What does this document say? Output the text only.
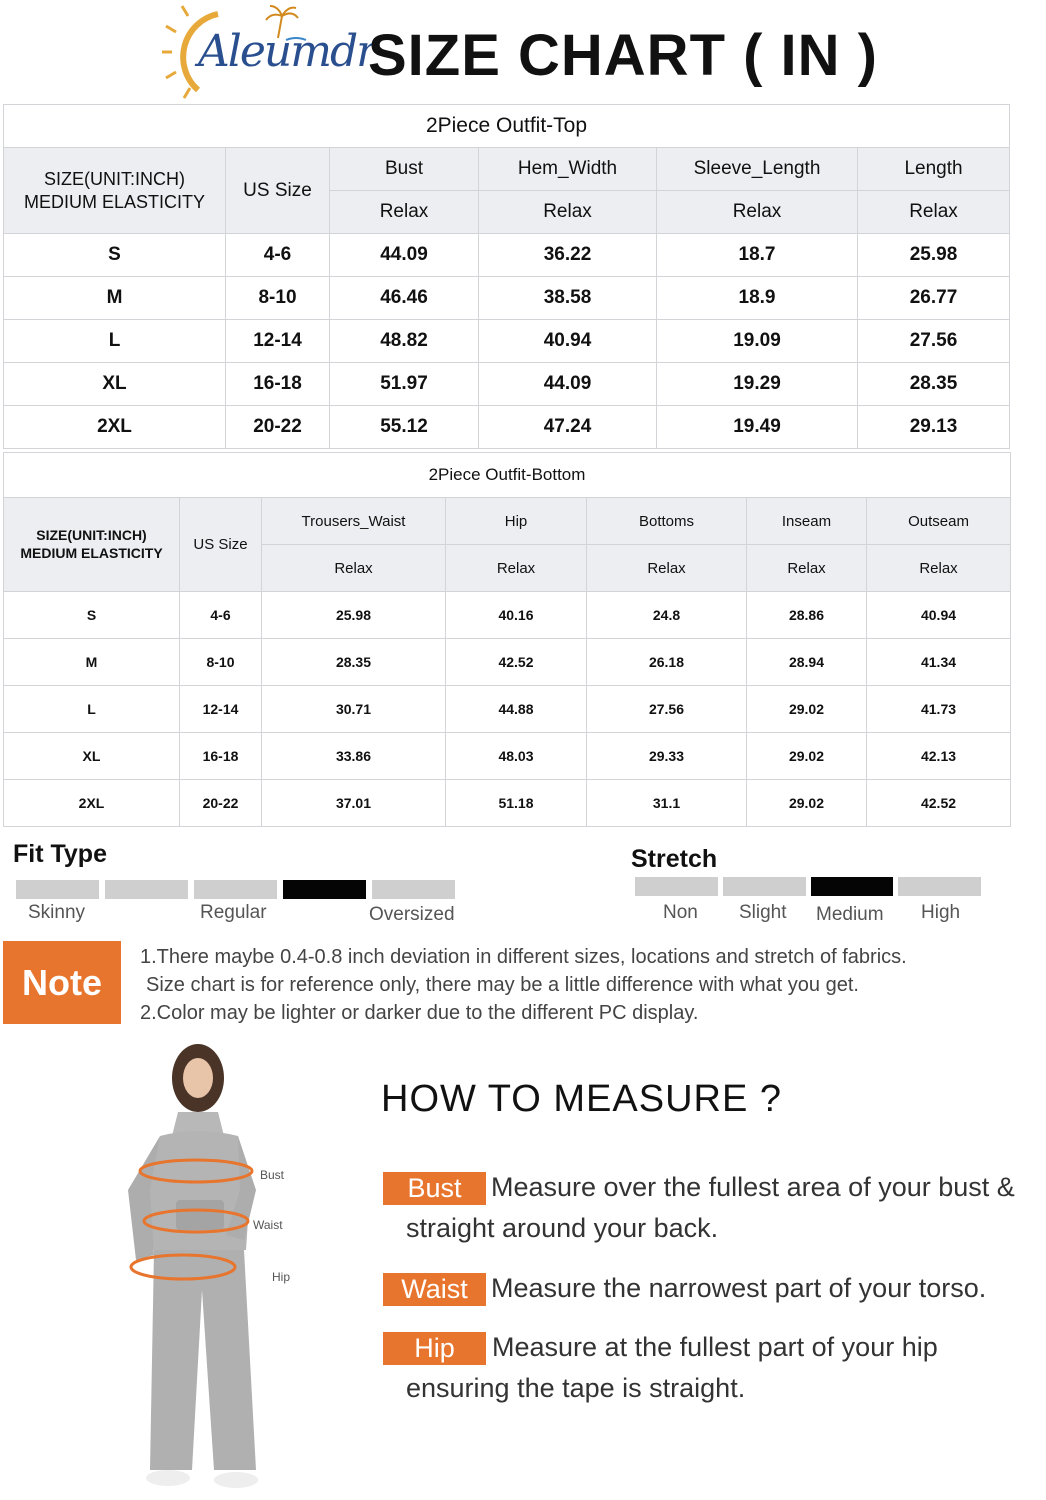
Aleumdr
SIZE CHART ( IN )
2Piece Outfit-Top					

SIZE(UNIT:INCH)
MEDIUM ELASTICITY	US Size	Bust	Hem_Width	Sleeve_Length	Length
		Relax	Relax	Relax	Relax
S	4-6	44.09	36.22	18.7	25.98
M	8-10	46.46	38.58	18.9	26.77
L	12-14	48.82	40.94	19.09	27.56
XL	16-18	51.97	44.09	19.29	28.35
2XL	20-22	55.12	47.24	19.49	29.13
2Piece Outfit-Bottom						

SIZE(UNIT:INCH)
MEDIUM ELASTICITY	US Size	Trousers_Waist	Hip	Bottoms	Inseam	Outseam
		Relax	Relax	Relax	Relax	Relax
S	4-6	25.98	40.16	24.8	28.86	40.94
M	8-10	28.35	42.52	26.18	28.94	41.34
L	12-14	30.71	44.88	27.56	29.02	41.73
XL	16-18	33.86	48.03	29.33	29.02	42.13
2XL	20-22	37.01	51.18	31.1	29.02	42.52
Fit Type
Skinny	Regular	Oversized
Stretch
Non Slight Medium High
Note
1.There maybe 0.4-0.8 inch deviation in different sizes, locations and stretch of fabrics.
Size chart is for reference only, there may be a little difference with what you get.
2.Color may be lighter or darker due to the different PC display.
Bust
Waist
Hip
HOW TO MEASURE ?
Bust	Measure over the fullest area of your bust &
straight around your back.
Waist Measure the narrowest part of your torso.
Hip	Measure at the fullest part of your hip
ensuring the tape is straight.
